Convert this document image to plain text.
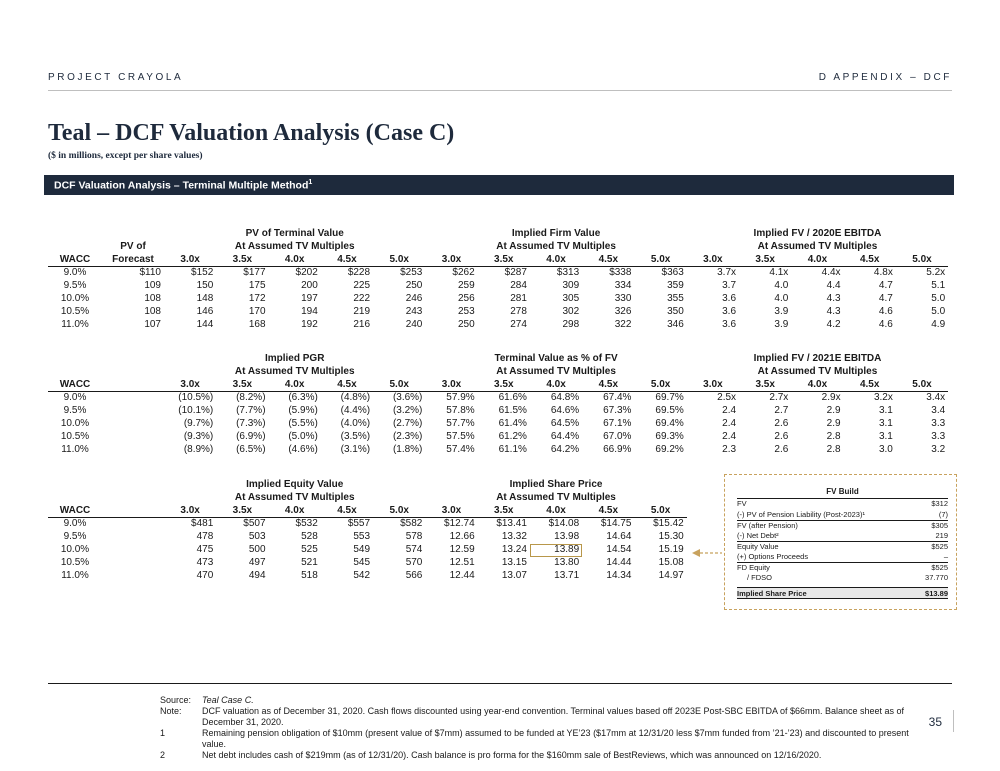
PROJECT CRAYOLA	D APPENDIX – DCF
Teal – DCF Valuation Analysis (Case C)
($ in millions, except per share values)
DCF Valuation Analysis – Terminal Multiple Method$^1$
		PV of Terminal Value					Implied Firm Value					Implied FV / 2020E EBITDA				
	PV of	At Assumed TV Multiples					At Assumed TV Multiples					At Assumed TV Multiples				
WACC	Forecast	3.0x	3.5x	4.0x	4.5x	5.0x	3.0x	3.5x	4.0x	4.5x	5.0x	3.0x	3.5x	4.0x	4.5x	5.0x
9.0%	$110	$152	$177	$202	$228	$253	$262	$287	$313	$338	$363	3.7x	4.1x	4.4x	4.8x	5.2x
9.5%	109	150	175	200	225	250	259	284	309	334	359	3.7	4.0	4.4	4.7	5.1
10.0%	108	148	172	197	222	246	256	281	305	330	355	3.6	4.0	4.3	4.7	5.0
10.5%	108	146	170	194	219	243	253	278	302	326	350	3.6	3.9	4.3	4.6	5.0
11.0%	107	144	168	192	216	240	250	274	298	322	346	3.6	3.9	4.2	4.6	4.9
		Implied PGR					Terminal Value as % of FV					Implied FV / 2021E EBITDA				
		At Assumed TV Multiples					At Assumed TV Multiples					At Assumed TV Multiples				
WACC		3.0x	3.5x	4.0x	4.5x	5.0x	3.0x	3.5x	4.0x	4.5x	5.0x	3.0x	3.5x	4.0x	4.5x	5.0x
9.0%		(10.5%)	(8.2%)	(6.3%)	(4.8%)	(3.6%)	57.9%	61.6%	64.8%	67.4%	69.7%	2.5x	2.7x	2.9x	3.2x	3.4x
9.5%		(10.1%)	(7.7%)	(5.9%)	(4.4%)	(3.2%)	57.8%	61.5%	64.6%	67.3%	69.5%	2.4	2.7	2.9	3.1	3.4
10.0%		(9.7%)	(7.3%)	(5.5%)	(4.0%)	(2.7%)	57.7%	61.4%	64.5%	67.1%	69.4%	2.4	2.6	2.9	3.1	3.3
10.5%		(9.3%)	(6.9%)	(5.0%)	(3.5%)	(2.3%)	57.5%	61.2%	64.4%	67.0%	69.3%	2.4	2.6	2.8	3.1	3.3
11.0%		(8.9%)	(6.5%)	(4.6%)	(3.1%)	(1.8%)	57.4%	61.1%	64.2%	66.9%	69.2%	2.3	2.6	2.8	3.0	3.2
		Implied Equity Value					Implied Share Price									
		At Assumed TV Multiples					At Assumed TV Multiples									
WACC		3.0x	3.5x	4.0x	4.5x	5.0x	3.0x	3.5x	4.0x	4.5x	5.0x					
9.0%		$481	$507	$532	$557	$582	$12.74	$13.41	$14.08	$14.75	$15.42					
9.5%		478	503	528	553	578	12.66	13.32	13.98	14.64	15.30					
10.0%		475	500	525	549	574	12.59	13.24	13.89	14.54	15.19					
10.5%		473	497	521	545	570	12.51	13.15	13.80	14.44	15.08					
11.0%		470	494	518	542	566	12.44	13.07	13.71	14.34	14.97					
FV Build
FV	$312
(-) PV of Pension Liability (Post-2023)¹	(7)
FV (after Pension)	$305
(-) Net Debt²	219
Equity Value	$525
(+) Options Proceeds	–
FD Equity	$525
/ FDSO	37.770
Implied Share Price	$13.89
Source:	Teal Case C.
Note:	DCF valuation as of December 31, 2020. Cash flows discounted using year-end convention. Terminal values based off 2023E Post-SBC EBITDA of $66mm. Balance sheet as of December 31, 2020.
1	Remaining pension obligation of $10mm (present value of $7mm) assumed to be funded at YE’23 ($17mm at 12/31/20 less $7mm funded from ’21-’23) and discounted to present value.
2	Net debt includes cash of $219mm (as of 12/31/20). Cash balance is pro forma for the $160mm sale of BestReviews, which was announced on 12/16/2020.
35
